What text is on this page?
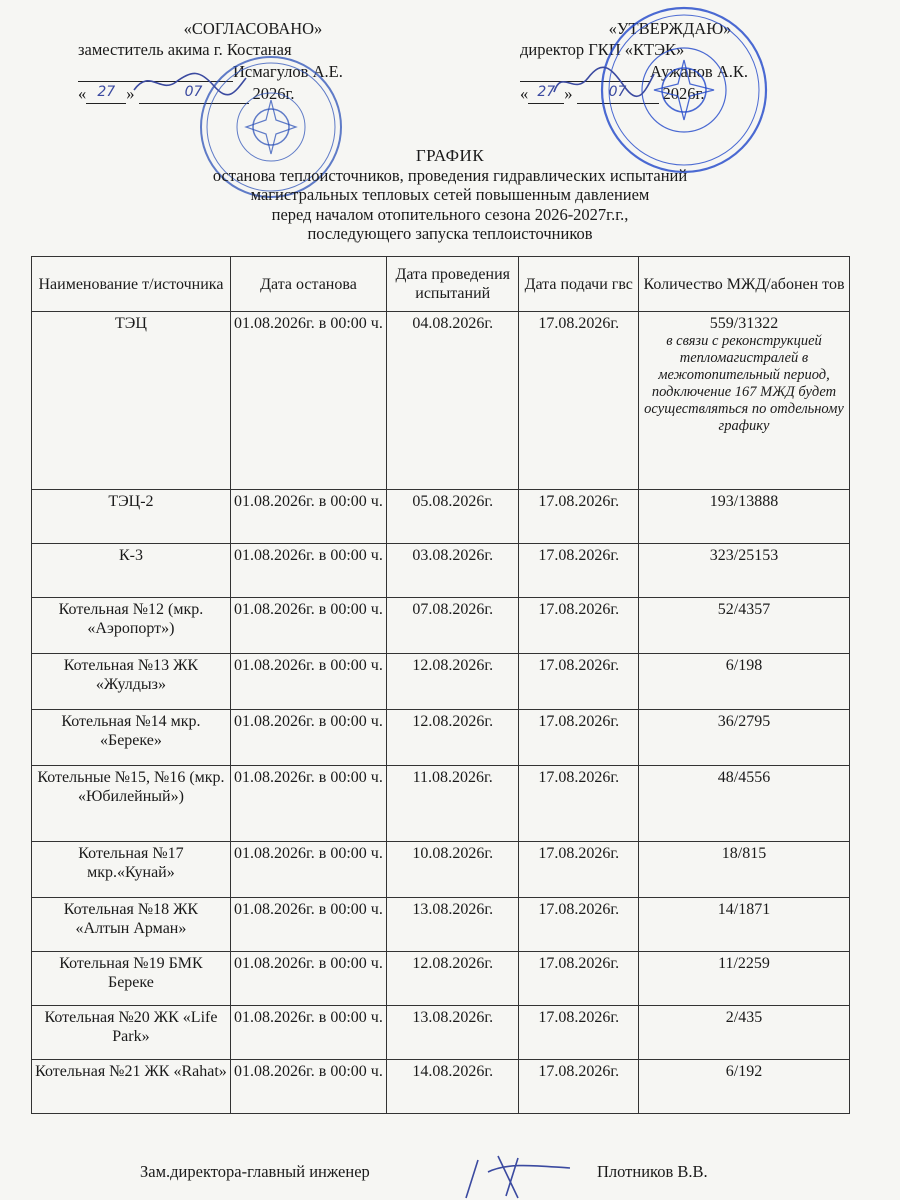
«СОГЛАСОВАНО»
заместитель акима г. Костаная

Исмагулов А.Е.
« 27 »	07	2026г.
«УТВЕРЖДАЮ»
директор ГКП «КТЭК»

Аужанов А.К.
« 27 »	07	2026г.
ГРАФИК
останова теплоисточников, проведения гидравлических испытаний
магистральных тепловых сетей повышенным давлением
перед началом отопительного сезона 2026-2027г.г.,
последующего запуска теплоисточников
Наименование т/источника	Дата останова	Дата проведения испытаний	Дата подачи гвс	Количество МЖД/абонен тов
ТЭЦ	01.08.2026г. в 00:00 ч.	04.08.2026г.	17.08.2026г.	559/31322
в связи с реконструкцией тепломагистралей в межотопительный период, подключение 167 МЖД будет осуществляться по отдельному графику

ТЭЦ-2	01.08.2026г. в 00:00 ч.	05.08.2026г.	17.08.2026г.	193/13888
К-3	01.08.2026г. в 00:00 ч.	03.08.2026г.	17.08.2026г.	323/25153
Котельная №12 (мкр. «Аэропорт»)	01.08.2026г. в 00:00 ч.	07.08.2026г.	17.08.2026г.	52/4357
Котельная №13 ЖК «Жулдыз»	01.08.2026г. в 00:00 ч.	12.08.2026г.	17.08.2026г.	6/198
Котельная №14 мкр. «Береке»	01.08.2026г. в 00:00 ч.	12.08.2026г.	17.08.2026г.	36/2795
Котельные №15, №16 (мкр. «Юбилейный»)	01.08.2026г. в 00:00 ч.	11.08.2026г.	17.08.2026г.	48/4556
Котельная №17 мкр.«Кунай»	01.08.2026г. в 00:00 ч.	10.08.2026г.	17.08.2026г.	18/815
Котельная №18 ЖК «Алтын Арман»	01.08.2026г. в 00:00 ч.	13.08.2026г.	17.08.2026г.	14/1871
Котельная №19 БМК Береке	01.08.2026г. в 00:00 ч.	12.08.2026г.	17.08.2026г.	11/2259
Котельная №20 ЖК «Life Park»	01.08.2026г. в 00:00 ч.	13.08.2026г.	17.08.2026г.	2/435
Котельная №21 ЖК «Rahat»	01.08.2026г. в 00:00 ч.	14.08.2026г.	17.08.2026г.	6/192
Зам.директора-главный инженер	Плотников В.В.
